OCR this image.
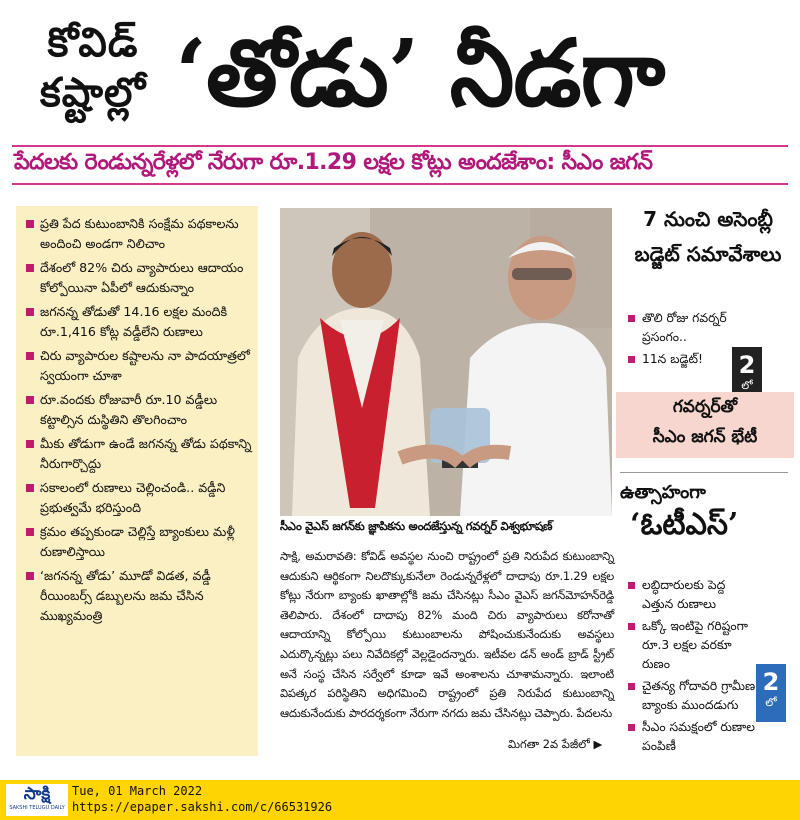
కోవిడ్
కష్టాల్లో ‘తోడు’ నీడగా
పేదలకు రెండున్నరేళ్లలో నేరుగా రూ.1.29 లక్షల కోట్లు అందజేశాం: సీఎం జగన్
ప్రతి పేద కుటుంబానికి సంక్షేమ పథకాలను అందించి అండగా నిలిచాం
దేశంలో 82% చిరు వ్యాపారులు ఆదాయం కోల్పోయినా ఏపీలో ఆదుకున్నాం
జగనన్న తోడుతో 14.16 లక్షల మందికి రూ.1,416 కోట్ల వడ్డీలేని రుణాలు
చిరు వ్యాపారుల కష్టాలను నా పాదయాత్రలో స్వయంగా చూశా
రూ.వందకు రోజువారీ రూ.10 వడ్డీలు కట్టాల్సిన దుస్థితిని తొలగించాం
మీకు తోడుగా ఉండే జగనన్న తోడు పథకాన్ని నీరుగార్చొద్దు
సకాలంలో రుణాలు చెల్లించండి.. వడ్డీని ప్రభుత్వమే భరిస్తుంది
క్రమం తప్పకుండా చెల్లిస్తే బ్యాంకులు మళ్లీ రుణాలిస్తాయి
‘జగనన్న తోడు’ మూడో విడత, వడ్డీ రీయింబర్స్‌ డబ్బులను జమ చేసిన ముఖ్యమంత్రి
సీఎం వైఎస్‌ జగన్‌కు జ్ఞాపికను అందజేస్తున్న గవర్నర్‌ విశ్వభూషణ్‌
సాక్షి, అమరావతి: కోవిడ్‌ అవస్థల నుంచి రాష్ట్రంలో ప్రతి నిరుపేద కుటుంబాన్ని ఆదుకుని ఆర్థికంగా నిలదొక్కుకునేలా రెండున్నరేళ్లలో దాదాపు రూ.1.29 లక్షల కోట్లు నేరుగా బ్యాంకు ఖాతాల్లోకి జమ చేసినట్లు సీఎం వైఎస్‌ జగన్‌మోహన్‌రెడ్డి తెలిపారు. దేశంలో దాదాపు 82% మంది చిరు వ్యాపారులు కరోనాతో ఆదాయాన్ని కోల్పోయి కుటుంబాలను పోషించుకునేందుకు అవస్థలు ఎదుర్కొన్నట్లు పలు నివేదికల్లో వెల్లడైందన్నారు. ఇటీవల డన్‌ అండ్‌ బ్రాడ్‌ స్ట్రీట్‌ అనే సంస్థ చేసిన సర్వేలో కూడా ఇవే అంశాలను చూశామన్నారు. ఇలాంటి విపత్కర పరిస్థితిని అధిగమించి రాష్ట్రంలో ప్రతి నిరుపేద కుటుంబాన్ని ఆదుకునేందుకు పారదర్శకంగా నేరుగా నగదు జమ చేసినట్లు చెప్పారు. పేదలను
మిగతా 2వ పేజీలో ▶
7 నుంచి అసెంబ్లీ బడ్జెట్‌ సమావేశాలు
తొలి రోజు గవర్నర్‌ ప్రసంగం..
11న బడ్జెట్‌!	2
లో
గవర్నర్‌తో
సీఎం జగన్‌ భేటీ
ఉత్సాహంగా
‘ఓటీఎస్‌’
లబ్ధిదారులకు పెద్ద ఎత్తున రుణాలు
ఒక్కో ఇంటిపై గరిష్టంగా రూ.3 లక్షల వరకూ రుణం
చైతన్య గోదావరి గ్రామీణ బ్యాంకు ముందడుగు
సీఎం సమక్షంలో రుణాల పంపిణీ
2
లో
సాక్షి
SAKSHI TELUGU DAILY
Tue, 01 March 2022
https://epaper.sakshi.com/c/66531926
